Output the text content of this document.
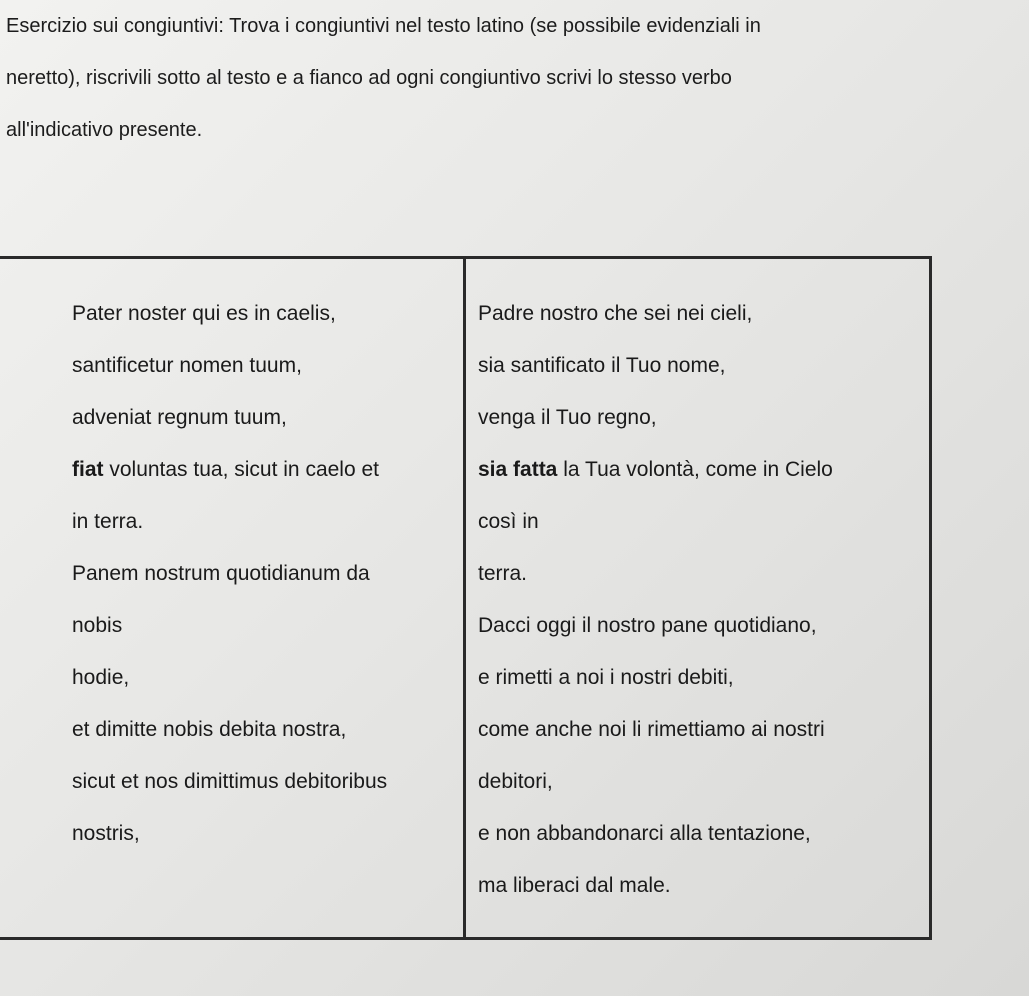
Esercizio sui congiuntivi: Trova i congiuntivi nel testo latino (se possibile evidenziali in
neretto), riscrivili sotto al testo e a fianco ad ogni congiuntivo scrivi lo stesso verbo
all'indicativo presente.
Pater noster qui es in caelis,
santificetur nomen tuum,
adveniat regnum tuum,
fiat voluntas tua, sicut in caelo et
in terra.
Panem nostrum quotidianum da
nobis
hodie,
et dimitte nobis debita nostra,
sicut et nos dimittimus debitoribus
nostris,
Padre nostro che sei nei cieli,
sia santificato il Tuo nome,
venga il Tuo regno,
sia fatta la Tua volontà, come in Cielo
così in
terra.
Dacci oggi il nostro pane quotidiano,
e rimetti a noi i nostri debiti,
come anche noi li rimettiamo ai nostri
debitori,
e non abbandonarci alla tentazione,
ma liberaci dal male.
